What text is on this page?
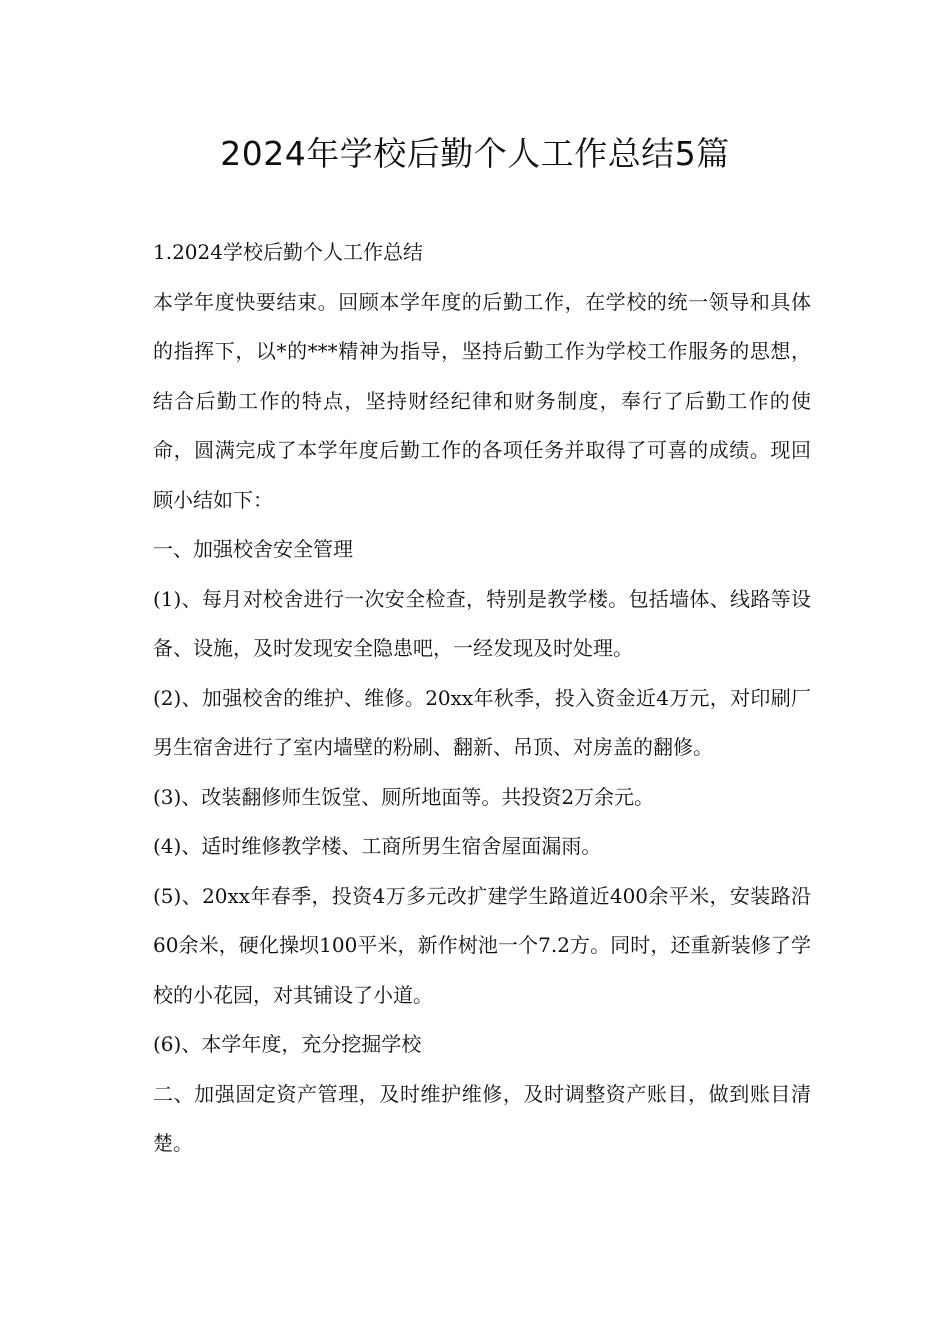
2024年学校后勤个人工作总结5篇

1.2024学校后勤个人工作总结

本学年度快要结束。回顾本学年度的后勤工作，在学校的统一领导和具体的指挥下，以*的***精神为指导，坚持后勤工作为学校工作服务的思想，结合后勤工作的特点，坚持财经纪律和财务制度，奉行了后勤工作的使命，圆满完成了本学年度后勤工作的各项任务并取得了可喜的成绩。现回顾小结如下：

一、加强校舍安全管理

(1)、每月对校舍进行一次安全检查，特别是教学楼。包括墙体、线路等设备、设施，及时发现安全隐患吧，一经发现及时处理。

(2)、加强校舍的维护、维修。20xx年秋季，投入资金近4万元，对印刷厂男生宿舍进行了室内墙壁的粉刷、翻新、吊顶、对房盖的翻修。

(3)、改装翻修师生饭堂、厕所地面等。共投资2万余元。

(4)、适时维修教学楼、工商所男生宿舍屋面漏雨。

(5)、20xx年春季，投资4万多元改扩建学生路道近400余平米，安装路沿60余米，硬化操坝100平米，新作树池一个7.2方。同时，还重新装修了学校的小花园，对其铺设了小道。

(6)、本学年度，充分挖掘学校

二、加强固定资产管理，及时维护维修，及时调整资产账目，做到账目清楚。
